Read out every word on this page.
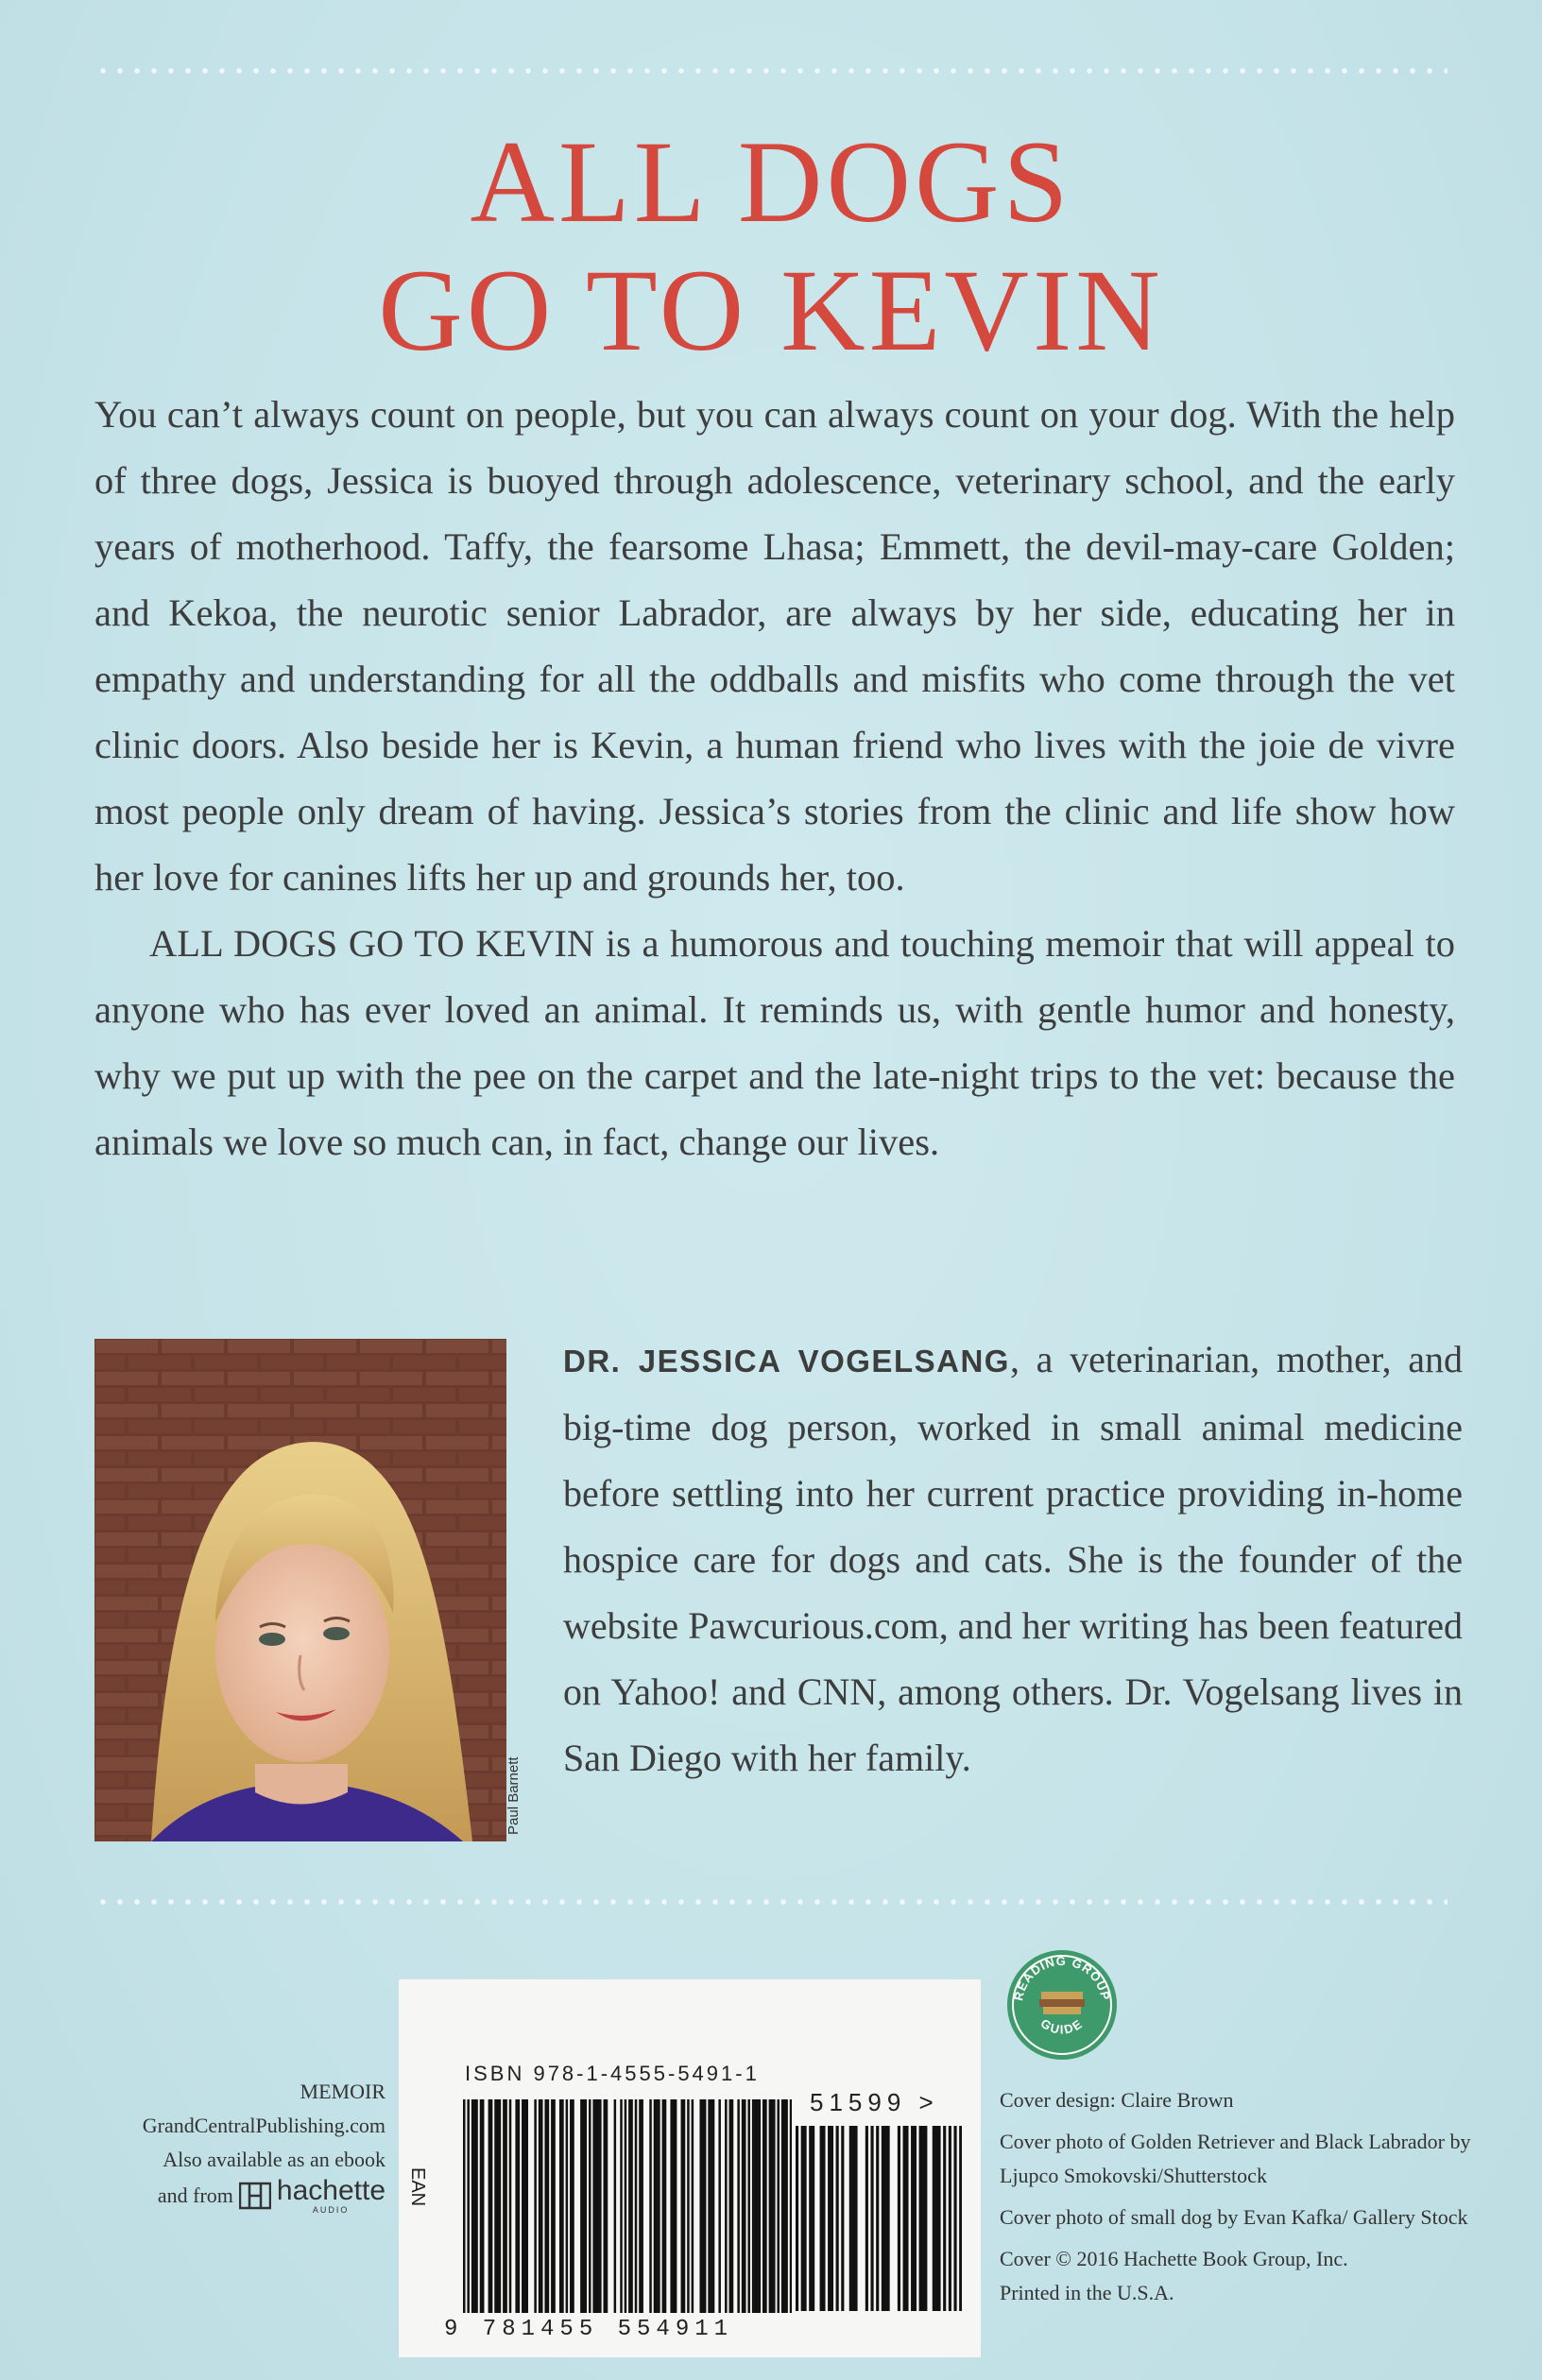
ALL DOGS
GO TO KEVIN

You can’t always count on people, but you can always count on your dog. With the help of three dogs, Jessica is buoyed through adolescence, veterinary school, and the early years of motherhood. Taffy, the fearsome Lhasa; Emmett, the devil-may-care Golden; and Kekoa, the neurotic senior Labrador, are always by her side, educating her in empathy and understanding for all the oddballs and misfits who come through the vet clinic doors. Also beside her is Kevin, a human friend who lives with the joie de vivre most people only dream of having. Jessica’s stories from the clinic and life show how her love for canines lifts her up and grounds her, too.

ALL DOGS GO TO KEVIN is a humorous and touching memoir that will appeal to anyone who has ever loved an animal. It reminds us, with gentle humor and honesty, why we put up with the pee on the carpet and the late-night trips to the vet: because the animals we love so much can, in fact, change our lives.

Paul Barnett
DR. JESSICA VOGELSANG, a veterinarian, mother, and big-time dog person, worked in small animal medicine before settling into her current practice providing in-home hospice care for dogs and cats. She is the founder of the website Pawcurious.com, and her writing has been featured on Yahoo! and CNN, among others. Dr. Vogelsang lives in San Diego with her family.
MEMOIR
GrandCentralPublishing.com
Also available as an ebook
and from hachette
AUDIO
ISBN 978-1-4555-5491-1
51599 >
9 781455 554911
READING GROUP
GUIDE

Cover design: Claire Brown

Cover photo of Golden Retriever and Black Labrador by Ljupco Smokovski/Shutterstock

Cover photo of small dog by Evan Kafka/ Gallery Stock

Cover © 2016 Hachette Book Group, Inc.

Printed in the U.S.A.
